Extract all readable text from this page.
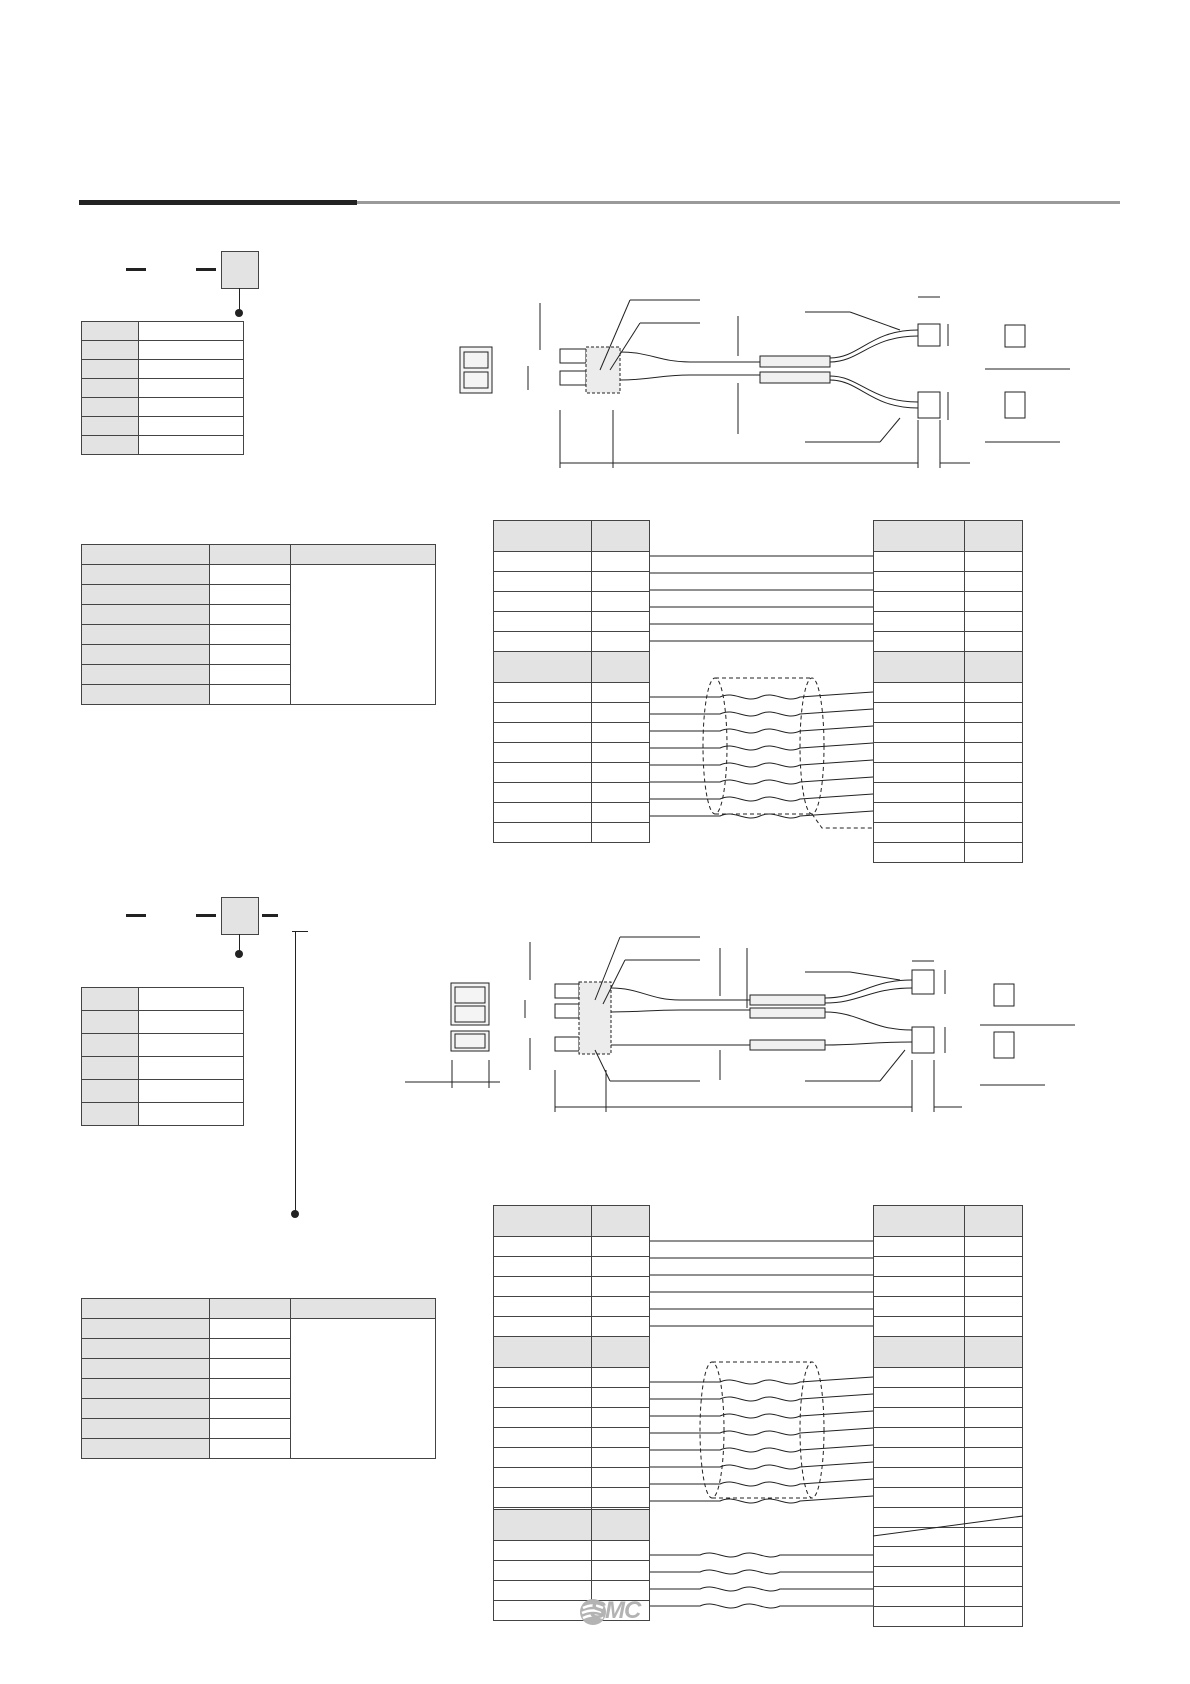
SMC
